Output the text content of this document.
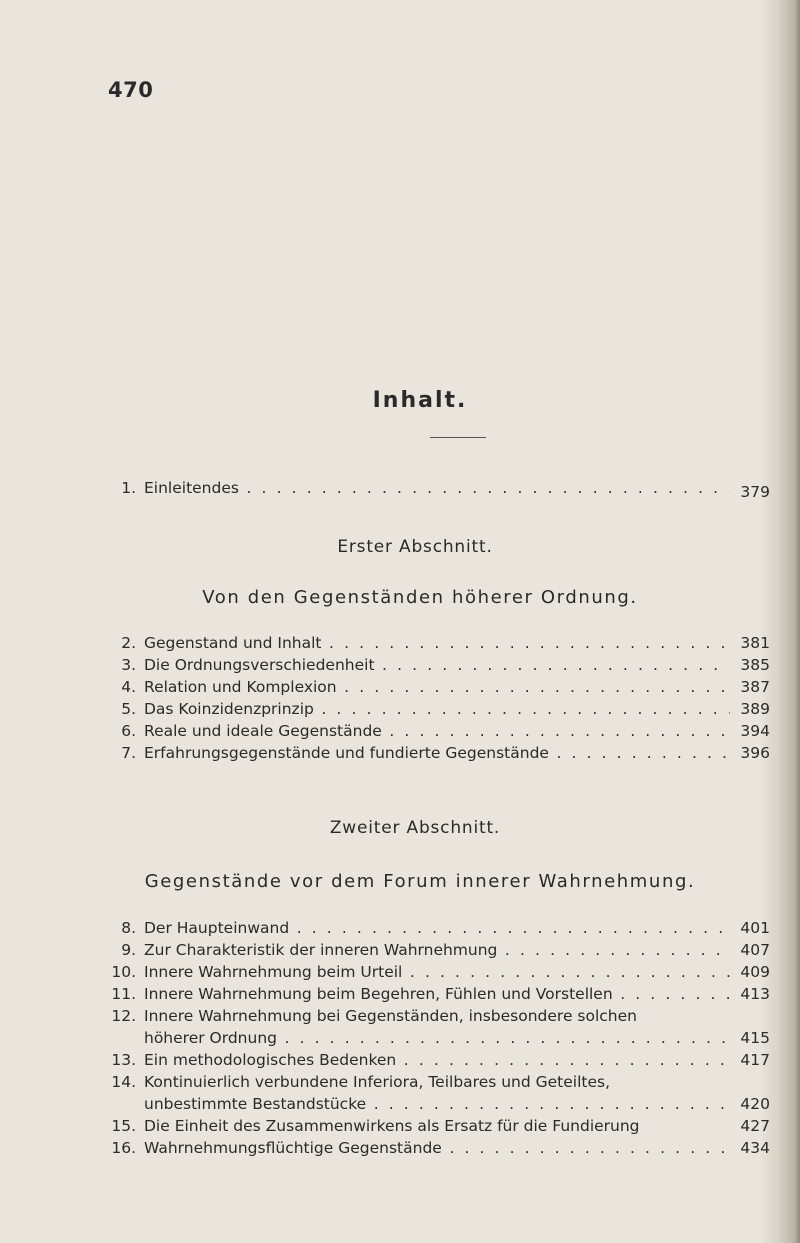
470
Inhalt.
1. Einleitendes . . .	379
Erster Abschnitt.
Von den Gegenständen höherer Ordnung.
2. Gegenstand und Inhalt . . .	381
3. Die Ordnungsverschiedenheit . . .	385
4. Relation und Komplexion . . .	387
5. Das Koinzidenzprinzip . . .	389
6. Reale und ideale Gegenstände . . .	394
7. Erfahrungsgegenstände und fundierte Gegenstände . . .	396
Zweiter Abschnitt.
Gegenstände vor dem Forum innerer Wahrnehmung.
8. Der Haupteinwand . . .	401
9. Zur Charakteristik der inneren Wahrnehmung . . .	407
10. Innere Wahrnehmung beim Urteil . . .	409
11. Innere Wahrnehmung beim Begehren, Fühlen und Vorstellen . . .	413
12. Innere Wahrnehmung bei Gegenständen, insbesondere solchen
höherer Ordnung . . .	415
13. Ein methodologisches Bedenken . . .	417
14. Kontinuierlich verbundene Inferiora, Teilbares und Geteiltes,
unbestimmte Bestandstücke . . .	420
15. Die Einheit des Zusammenwirkens als Ersatz für die Fundierung	427
16. Wahrnehmungsflüchtige Gegenstände . . .	434
